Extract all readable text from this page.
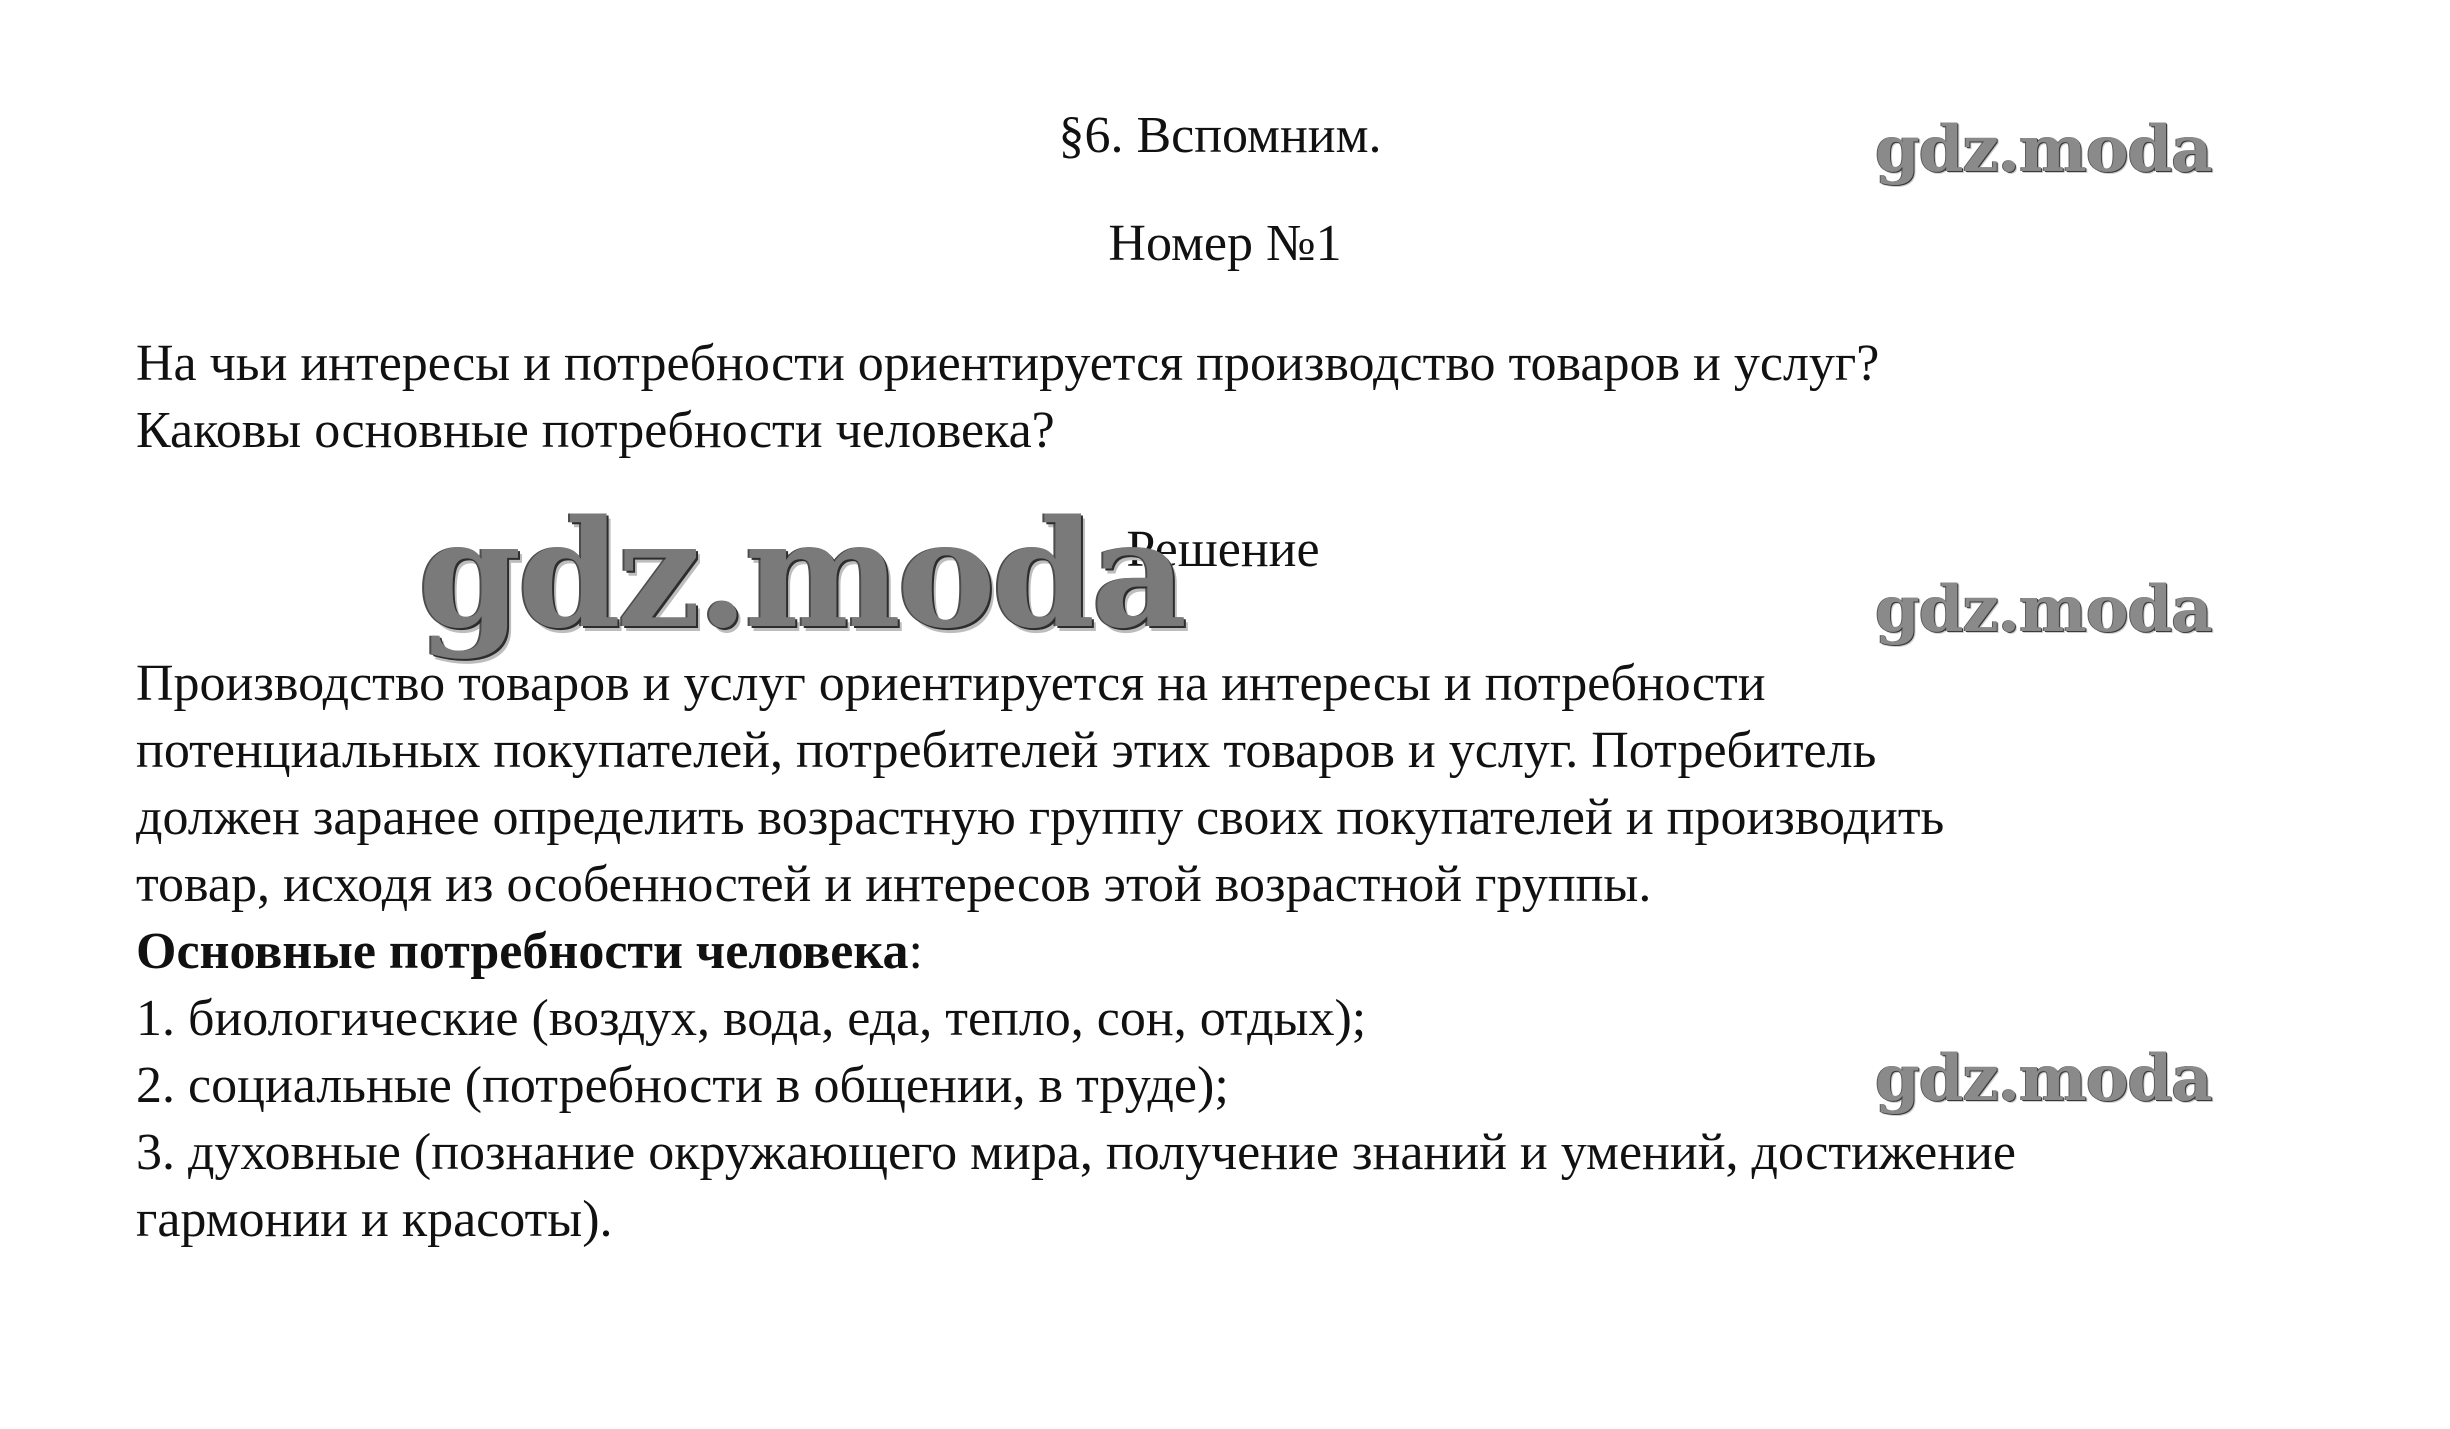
§6. Вспомним.
Номер №1

На чьи интересы и потребности ориентируется производство товаров и услуг?
Каковы основные потребности человека?

Решение

Производство товаров и услуг ориентируется на интересы и потребности
потенциальных покупателей, потребителей этих товаров и услуг. Потребитель
должен заранее определить возрастную группу своих покупателей и производить
товар, исходя из особенностей и интересов этой возрастной группы.
Основные потребности человека:
1. биологические (воздух, вода, еда, тепло, сон, отдых);
2. социальные (потребности в общении, в труде);
3. духовные (познание окружающего мира, получение знаний и умений, достижение
гармонии и красоты).

gdz.moda
gdz.moda	gdz.moda
gdz.moda
